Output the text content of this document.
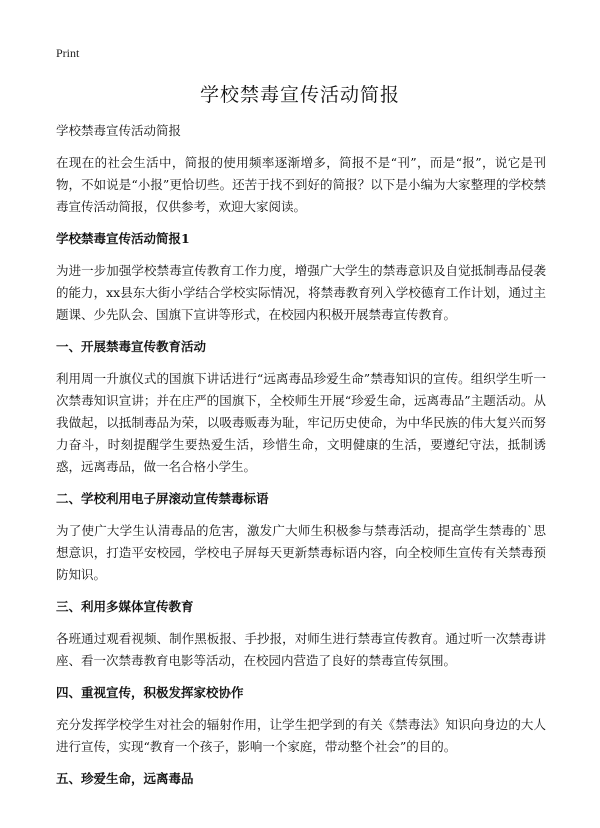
Print
学校禁毒宣传活动简报

学校禁毒宣传活动简报

在现在的社会生活中，简报的使用频率逐渐增多，简报不是“刊”，而是“报”，说它是刊物，不如说是“小报”更恰切些。还苦于找不到好的简报？以下是小编为大家整理的学校禁毒宣传活动简报，仅供参考，欢迎大家阅读。

学校禁毒宣传活动简报1

为进一步加强学校禁毒宣传教育工作力度，增强广大学生的禁毒意识及自觉抵制毒品侵袭的能力，xx县东大街小学结合学校实际情况，将禁毒教育列入学校德育工作计划，通过主题课、少先队会、国旗下宣讲等形式，在校园内积极开展禁毒宣传教育。

一、开展禁毒宣传教育活动

利用周一升旗仪式的国旗下讲话进行“远离毒品珍爱生命”禁毒知识的宣传。组织学生听一次禁毒知识宣讲；并在庄严的国旗下，全校师生开展“珍爱生命，远离毒品”主题活动。从我做起，以抵制毒品为荣，以吸毒贩毒为耻，牢记历史使命，为中华民族的伟大复兴而努力奋斗，时刻提醒学生要热爱生活，珍惜生命，文明健康的生活，要遵纪守法，抵制诱惑，远离毒品，做一名合格小学生。

二、学校利用电子屏滚动宣传禁毒标语

为了使广大学生认清毒品的危害，激发广大师生积极参与禁毒活动，提高学生禁毒的`思想意识，打造平安校园，学校电子屏每天更新禁毒标语内容，向全校师生宣传有关禁毒预防知识。

三、利用多媒体宣传教育

各班通过观看视频、制作黑板报、手抄报，对师生进行禁毒宣传教育。通过听一次禁毒讲座、看一次禁毒教育电影等活动，在校园内营造了良好的禁毒宣传氛围。

四、重视宣传，积极发挥家校协作

充分发挥学校学生对社会的辐射作用，让学生把学到的有关《禁毒法》知识向身边的大人进行宣传，实现“教育一个孩子，影响一个家庭，带动整个社会”的目的。

五、珍爱生命，远离毒品
